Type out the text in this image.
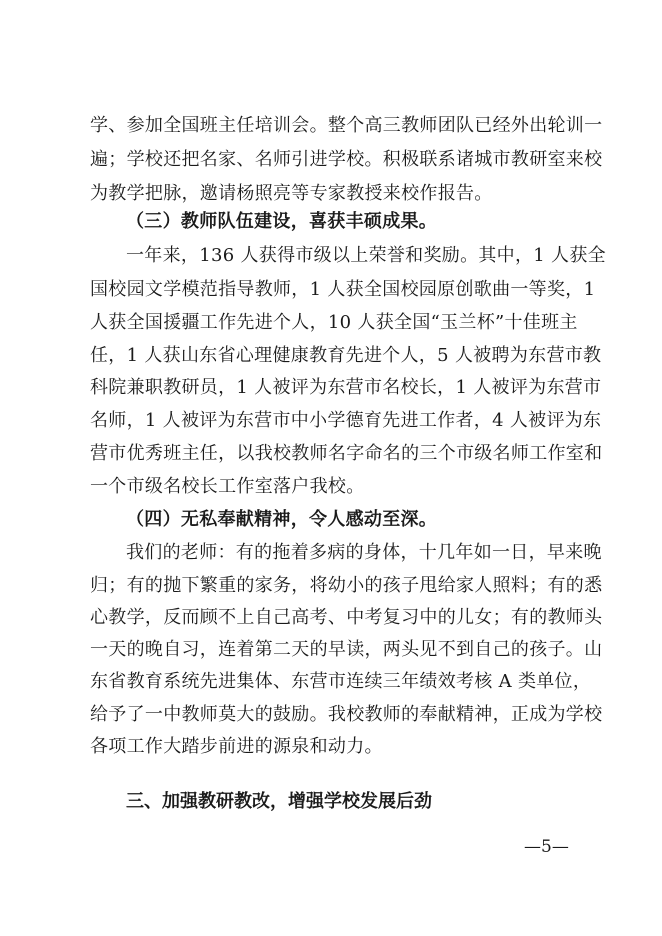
学、参加全国班主任培训会。整个高三教师团队已经外出轮训一
遍；学校还把名家、名师引进学校。积极联系诸城市教研室来校
为教学把脉，邀请杨照亮等专家教授来校作报告。
（三）教师队伍建设，喜获丰硕成果。
一年来，136 人获得市级以上荣誉和奖励。其中，1 人获全
国校园文学模范指导教师，1 人获全国校园原创歌曲一等奖，1
人获全国援疆工作先进个人，10 人获全国“玉兰杯”十佳班主
任，1 人获山东省心理健康教育先进个人，5 人被聘为东营市教
科院兼职教研员，1 人被评为东营市名校长，1 人被评为东营市
名师，1 人被评为东营市中小学德育先进工作者，4 人被评为东
营市优秀班主任，以我校教师名字命名的三个市级名师工作室和
一个市级名校长工作室落户我校。
（四）无私奉献精神，令人感动至深。
我们的老师：有的拖着多病的身体，十几年如一日，早来晚
归；有的抛下繁重的家务，将幼小的孩子甩给家人照料；有的悉
心教学，反而顾不上自己高考、中考复习中的儿女；有的教师头
一天的晚自习，连着第二天的早读，两头见不到自己的孩子。山
东省教育系统先进集体、东营市连续三年绩效考核 A 类单位，
给予了一中教师莫大的鼓励。我校教师的奉献精神，正成为学校
各项工作大踏步前进的源泉和动力。
三、加强教研教改，增强学校发展后劲
—5—
